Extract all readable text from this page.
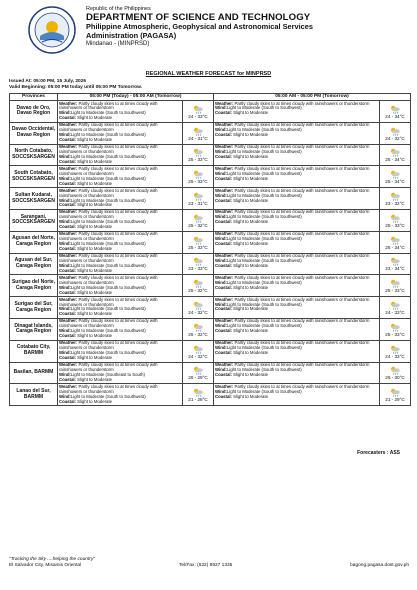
Republic of the Philippines
DEPARTMENT OF SCIENCE AND TECHNOLOGY
Philippine Atmospheric, Geophysical and Astronomical Services
Administration (PAGASA)
Mindanao - (MINPRSD)
REGIONAL WEATHER FORECAST for MINPRSD
Issued At: 05:00 PM, 15 July, 2026
Valid Beginning: 05:00 PM today until 05:00 PM Tomorrow.
Provinces	05:00 PM (Today) - 05:00 AM (Tomorrow)		05:00 AM - 05:00 PM (Tomorrow)	
Davao de Oro, Davao Region	Weather: Partly cloudy skies to at times cloudy with rainshowers or thunderstorm
Wind:Light to Moderate (South to Southwest)
Coastal: Slight to Moderate	24 - 33°C	Weather: Partly cloudy skies to at times cloudy with rainshowers or thunderstorm
Wind:Light to Moderate (South to Southwest)
Coastal: Slight to Moderate	24 - 34°C

Davao Occidental, Davao Region	Weather: Partly cloudy skies to at times cloudy with rainshowers or thunderstorm
Wind:Light to Moderate (South to Southwest)
Coastal: Slight to Moderate	24 - 31°C	Weather: Partly cloudy skies to at times cloudy with rainshowers or thunderstorm
Wind:Light to Moderate (South to Southwest)
Coastal: Slight to Moderate	24 - 32°C

North Cotabato, SOCCSKSARGEN	Weather: Partly cloudy skies to at times cloudy with rainshowers or thunderstorm
Wind:Light to Moderate (South to Southwest)
Coastal: Slight to Moderate	25 - 33°C	Weather: Partly cloudy skies to at times cloudy with rainshowers or thunderstorm
Wind:Light to Moderate (South to Southwest)
Coastal: Slight to Moderate	25 - 34°C

South Cotabato, SOCCSKSARGEN	Weather: Partly cloudy skies to at times cloudy with rainshowers or thunderstorm
Wind:Light to Moderate (South to Southwest)
Coastal: Slight to Moderate	25 - 33°C	Weather: Partly cloudy skies to at times cloudy with rainshowers or thunderstorm
Wind:Light to Moderate (South to Southwest)
Coastal: Slight to Moderate	25 - 34°C

Sultan Kudarat, SOCCSKSARGEN	Weather: Partly cloudy skies to at times cloudy with rainshowers or thunderstorm
Wind:Light to Moderate (South to Southwest)
Coastal: Slight to Moderate	23 - 31°C	Weather: Partly cloudy skies to at times cloudy with rainshowers or thunderstorm
Wind:Light to Moderate (South to Southwest)
Coastal: Slight to Moderate	23 - 32°C

Sarangani, SOCCSKSARGEN	Weather: Partly cloudy skies to at times cloudy with rainshowers or thunderstorm
Wind:Light to Moderate (South to Southwest)
Coastal: Slight to Moderate	25 - 32°C	Weather: Partly cloudy skies to at times cloudy with rainshowers or thunderstorm
Wind:Light to Moderate (South to Southwest)
Coastal: Slight to Moderate	25 - 33°C

Agusan del Norte, Caraga Region	Weather: Partly cloudy skies to at times cloudy with rainshowers or thunderstorm
Wind:Light to Moderate (South to Southwest)
Coastal: Slight to Moderate	25 - 33°C	Weather: Partly cloudy skies to at times cloudy with rainshowers or thunderstorm
Wind:Light to Moderate (South to Southwest)
Coastal: Slight to Moderate	25 - 34°C

Agusan del Sur, Caraga Region	Weather: Partly cloudy skies to at times cloudy with rainshowers or thunderstorm
Wind:Light to Moderate (South to Southwest)
Coastal: Slight to Moderate	23 - 33°C	Weather: Partly cloudy skies to at times cloudy with rainshowers or thunderstorm
Wind:Light to Moderate (South to Southwest)
Coastal: Slight to Moderate	23 - 34°C

Surigao del Norte, Caraga Region	Weather: Partly cloudy skies to at times cloudy with rainshowers or thunderstorm
Wind:Light to Moderate (South to Southwest)
Coastal: Slight to Moderate	25 - 32°C	Weather: Partly cloudy skies to at times cloudy with rainshowers or thunderstorm
Wind:Light to Moderate (South to Southwest)
Coastal: Slight to Moderate	25 - 33°C

Surigao del Sur, Caraga Region	Weather: Partly cloudy skies to at times cloudy with rainshowers or thunderstorm
Wind:Light to Moderate (South to Southwest)
Coastal: Slight to Moderate	24 - 32°C	Weather: Partly cloudy skies to at times cloudy with rainshowers or thunderstorm
Wind:Light to Moderate (South to Southwest)
Coastal: Slight to Moderate	24 - 33°C

Dinagat Islands, Caraga Region	Weather: Partly cloudy skies to at times cloudy with rainshowers or thunderstorm
Wind:Light to Moderate (South to Southwest)
Coastal: Slight to Moderate	25 - 32°C	Weather: Partly cloudy skies to at times cloudy with rainshowers or thunderstorm
Wind:Light to Moderate (South to Southwest)
Coastal: Slight to Moderate	25 - 33°C

Cotabato City, BARMM	Weather: Partly cloudy skies to at times cloudy with rainshowers or thunderstorm
Wind:Light to Moderate (South to Southwest)
Coastal: Slight to Moderate	24 - 32°C	Weather: Partly cloudy skies to at times cloudy with rainshowers or thunderstorm
Wind:Light to Moderate (South to Southwest)
Coastal: Slight to Moderate	24 - 33°C

Basilan, BARMM	Weather: Partly cloudy skies to at times cloudy with rainshowers or thunderstorm
Wind:Light to Moderate (Southeast to South)
Coastal: Slight to Moderate	26 - 29°C	Weather: Partly cloudy skies to at times cloudy with rainshowers or thunderstorm
Wind:Light to Moderate (South to Southwest)
Coastal: Slight to Moderate	26 - 30°C

Lanao del Sur, BARMM	Weather: Partly cloudy skies to at times cloudy with rainshowers or thunderstorm
Wind:Light to Moderate (South to Southwest)
Coastal: Slight to Moderate	21 - 28°C	Weather: Partly cloudy skies to at times cloudy with rainshowers or thunderstorm
Wind:Light to Moderate (South to Southwest)
Coastal: Slight to Moderate	21 - 29°C
Forecasters : ASS
"Tracking the Sky ....helping the country"
El Salvador City, Misamis Oriental	Tel/Fax: (632) 8927 1335	bagong.pagasa.dost.gov.ph
